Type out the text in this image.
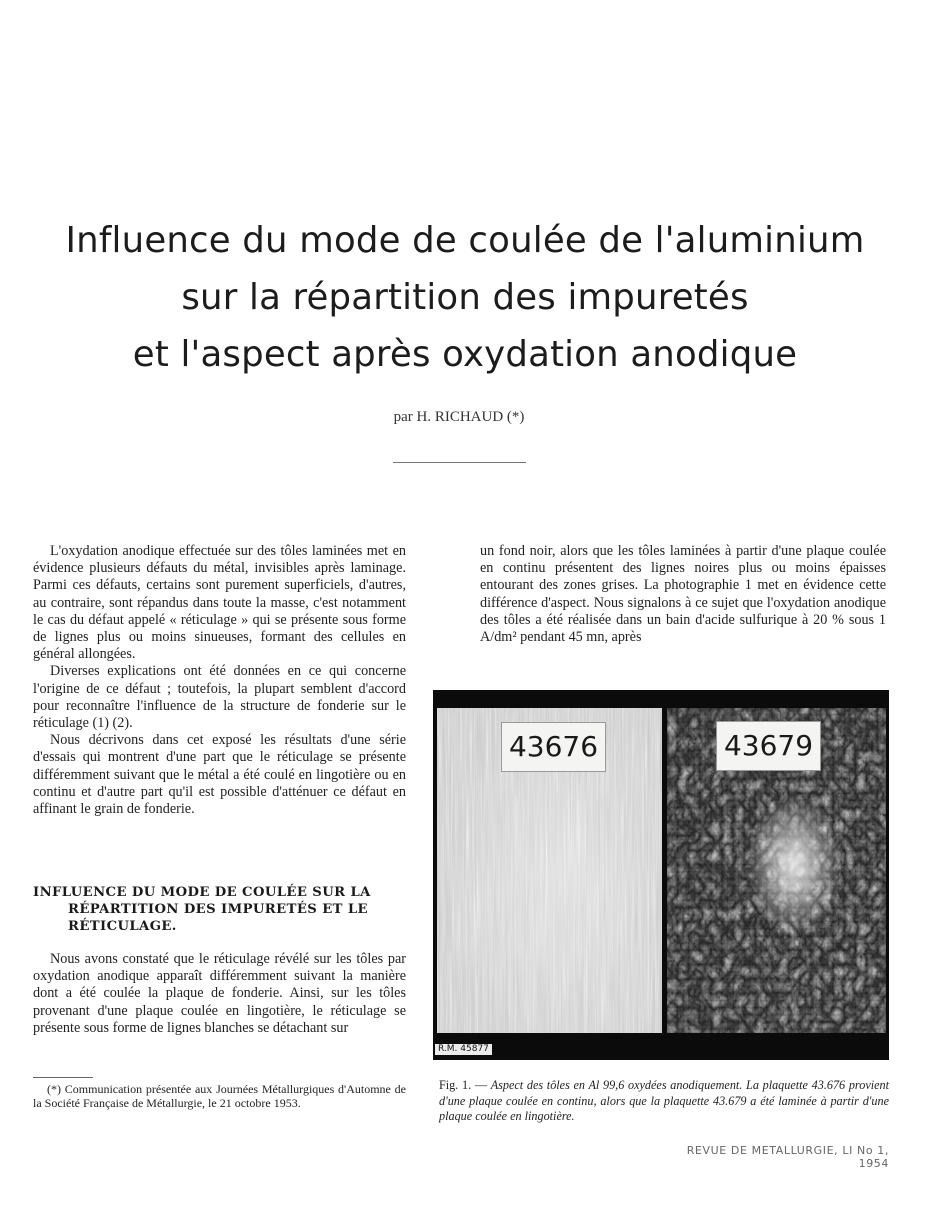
Influence du mode de coulée de l'aluminium
sur la répartition des impuretés
et l'aspect après oxydation anodique

par H. RICHAUD (*)

L'oxydation anodique effectuée sur des tôles laminées met en évidence plusieurs défauts du métal, invisibles après laminage. Parmi ces défauts, certains sont purement superficiels, d'autres, au contraire, sont répandus dans toute la masse, c'est notamment le cas du défaut appelé « réticulage » qui se présente sous forme de lignes plus ou moins sinueuses, formant des cellules en général allongées.

Diverses explications ont été données en ce qui concerne l'origine de ce défaut ; toutefois, la plupart semblent d'accord pour reconnaître l'influence de la structure de fonderie sur le réticulage (1) (2).

Nous décrivons dans cet exposé les résultats d'une série d'essais qui montrent d'une part que le réticulage se présente différemment suivant que le métal a été coulé en lingotière ou en continu et d'autre part qu'il est possible d'atténuer ce défaut en affinant le grain de fonderie.

INFLUENCE DU MODE DE COULÉE SUR LA RÉPARTITION DES IMPURETÉS ET LE RÉTICULAGE.

Nous avons constaté que le réticulage révélé sur les tôles par oxydation anodique apparaît différemment suivant la manière dont a été coulée la plaque de fonderie. Ainsi, sur les tôles provenant d'une plaque coulée en lingotière, le réticulage se présente sous forme de lignes blanches se détachant sur

un fond noir, alors que les tôles laminées à partir d'une plaque coulée en continu présentent des lignes noires plus ou moins épaisses entourant des zones grises. La photographie 1 met en évidence cette différence d'aspect. Nous signalons à ce sujet que l'oxydation anodique des tôles a été réalisée dans un bain d'acide sulfurique à 20 % sous 1 A/dm² pendant 45 mn, après

43676	43679
R.M. 45877

Fig. 1. — Aspect des tôles en Al 99,6 oxydées anodiquement. La plaquette 43.676 provient d'une plaque coulée en continu, alors que la plaquette 43.679 a été laminée à partir d'une plaque coulée en lingotière.

(*) Communication présentée aux Journées Métallurgiques d'Automne de la Société Française de Métallurgie, le 21 octobre 1953.

REVUE DE METALLURGIE, LI No 1, 1954
